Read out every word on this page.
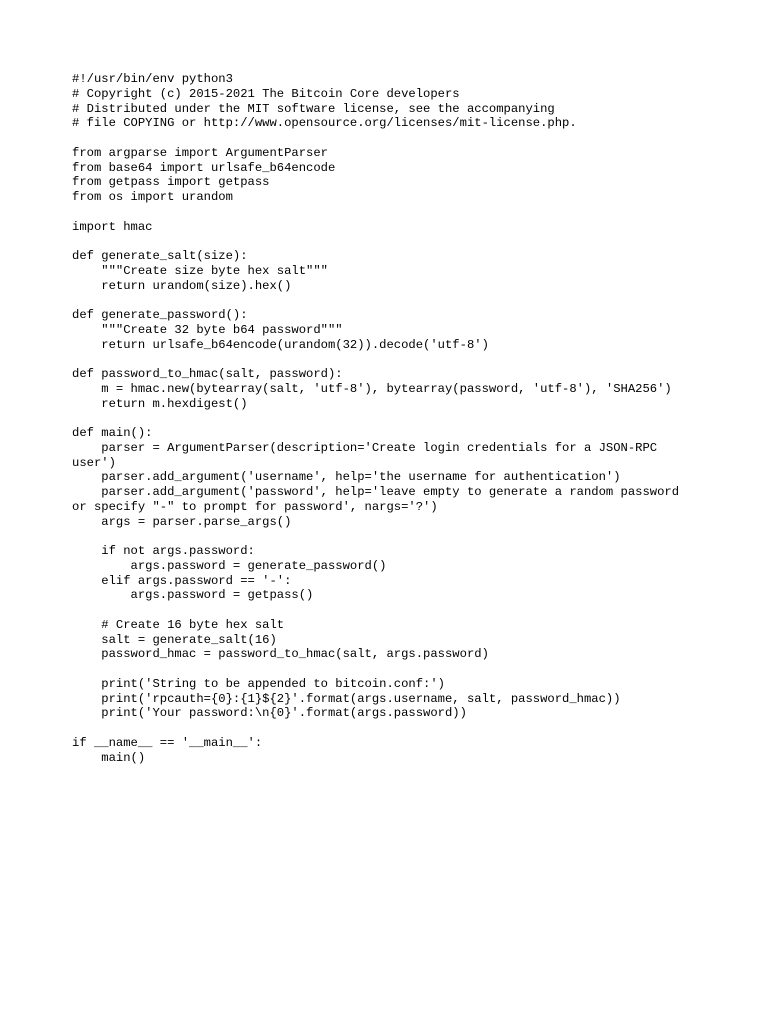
#!/usr/bin/env python3
# Copyright (c) 2015-2021 The Bitcoin Core developers
# Distributed under the MIT software license, see the accompanying
# file COPYING or http://www.opensource.org/licenses/mit-license.php.
from argparse import ArgumentParser
from base64 import urlsafe_b64encode
from getpass import getpass
from os import urandom
import hmac
def generate_salt(size):
"""Create size byte hex salt"""
return urandom(size).hex()
def generate_password():
"""Create 32 byte b64 password"""
return urlsafe_b64encode(urandom(32)).decode('utf-8')
def password_to_hmac(salt, password):
m = hmac.new(bytearray(salt, 'utf-8'), bytearray(password, 'utf-8'), 'SHA256')
return m.hexdigest()
def main():
parser = ArgumentParser(description='Create login credentials for a JSON-RPC
user')
parser.add_argument('username', help='the username for authentication')
parser.add_argument('password', help='leave empty to generate a random password
or specify "-" to prompt for password', nargs='?')
args = parser.parse_args()
if not args.password:
args.password = generate_password()
elif args.password == '-':
args.password = getpass()
# Create 16 byte hex salt
salt = generate_salt(16)
password_hmac = password_to_hmac(salt, args.password)
print('String to be appended to bitcoin.conf:')
print('rpcauth={0}:{1}${2}'.format(args.username, salt, password_hmac))
print('Your password:\n{0}'.format(args.password))
if __name__ == '__main__':
main()
